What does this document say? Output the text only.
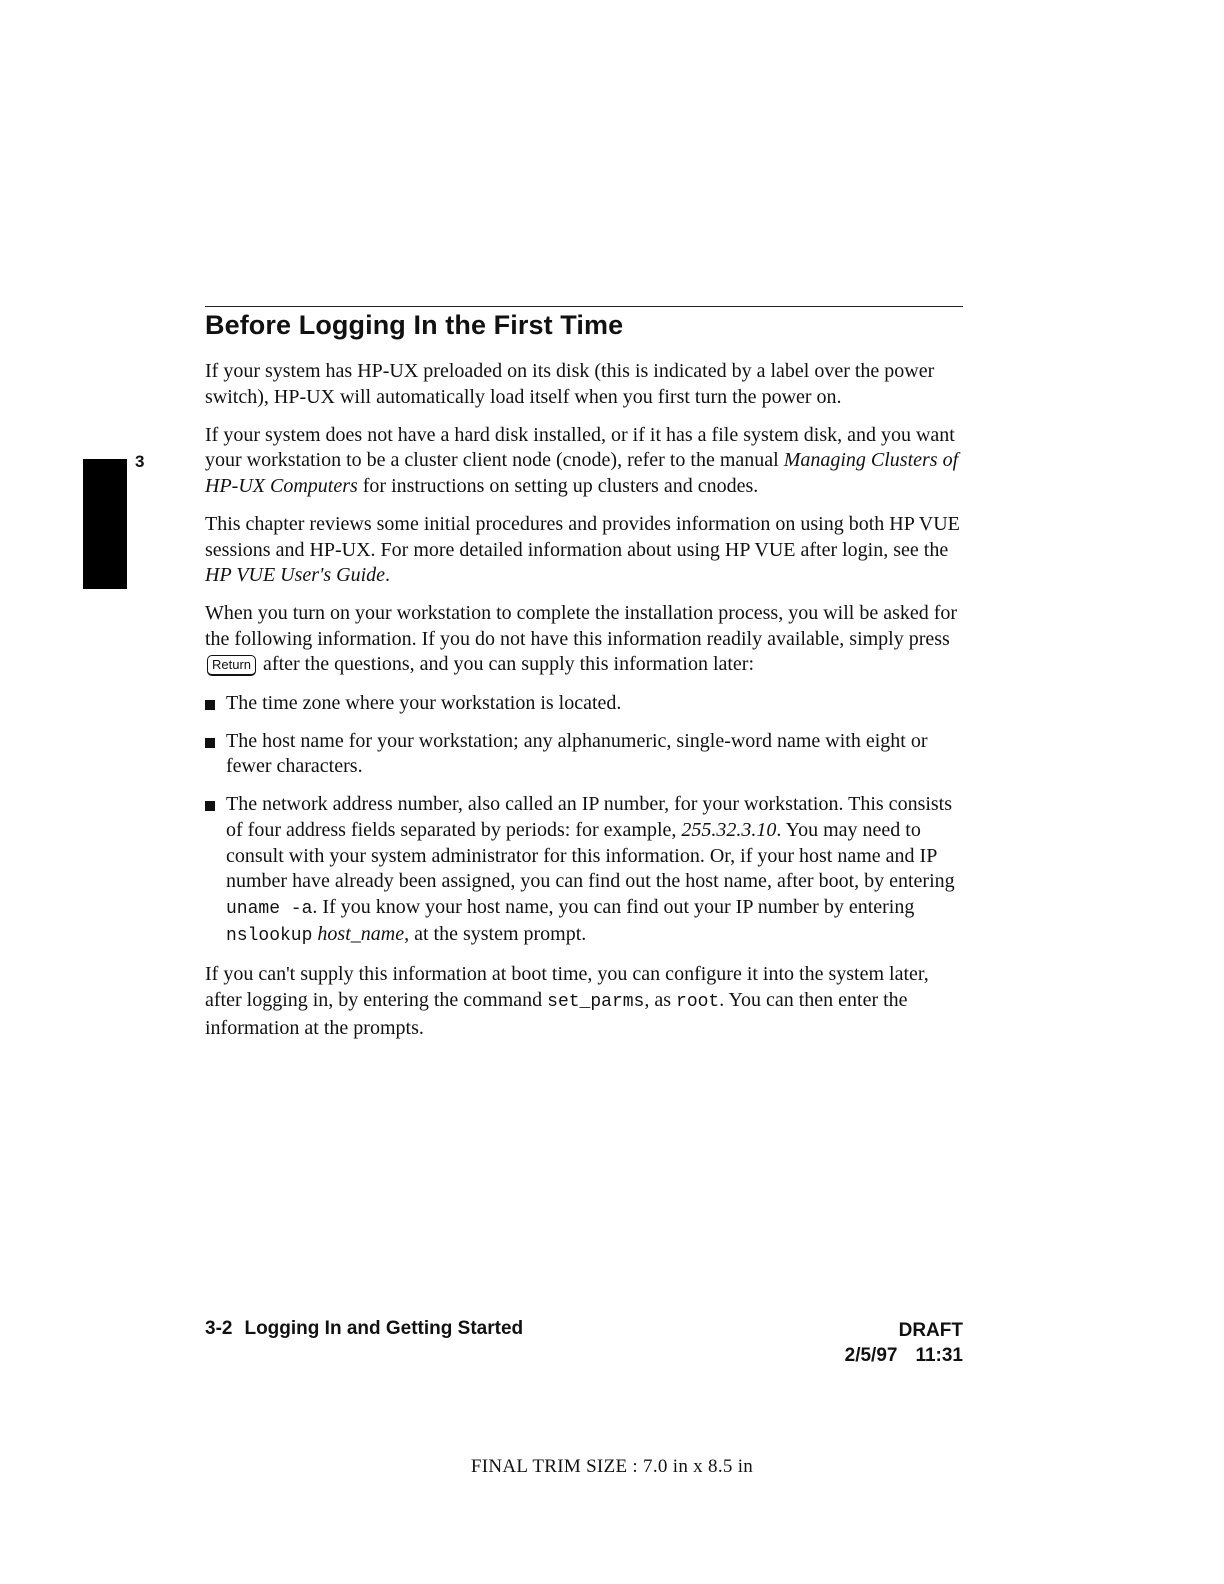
Before Logging In the First Time
3

If your system has HP-UX preloaded on its disk (this is indicated by a label over the power switch), HP-UX will automatically load itself when you first turn the power on.

If your system does not have a hard disk installed, or if it has a file system disk, and you want your workstation to be a cluster client node (cnode), refer to the manual Managing Clusters of HP-UX Computers for instructions on setting up clusters and cnodes.

This chapter reviews some initial procedures and provides information on using both HP VUE sessions and HP-UX. For more detailed information about using HP VUE after login, see the HP VUE User's Guide.

When you turn on your workstation to complete the installation process, you will be asked for the following information. If you do not have this information readily available, simply press Return after the questions, and you can supply this information later:

The time zone where your workstation is located.
The host name for your workstation; any alphanumeric, single-word name with eight or fewer characters.
The network address number, also called an IP number, for your workstation. This consists of four address fields separated by periods: for example, 255.32.3.10. You may need to consult with your system administrator for this information. Or, if your host name and IP number have already been assigned, you can find out the host name, after boot, by entering uname -a. If you know your host name, you can find out your IP number by entering nslookup host_name, at the system prompt.

If you can't supply this information at boot time, you can configure it into the system later, after logging in, by entering the command set_parms, as root. You can then enter the information at the prompts.

3-2 Logging In and Getting Started	DRAFT
2/5/97 11:31
FINAL TRIM SIZE : 7.0 in x 8.5 in
